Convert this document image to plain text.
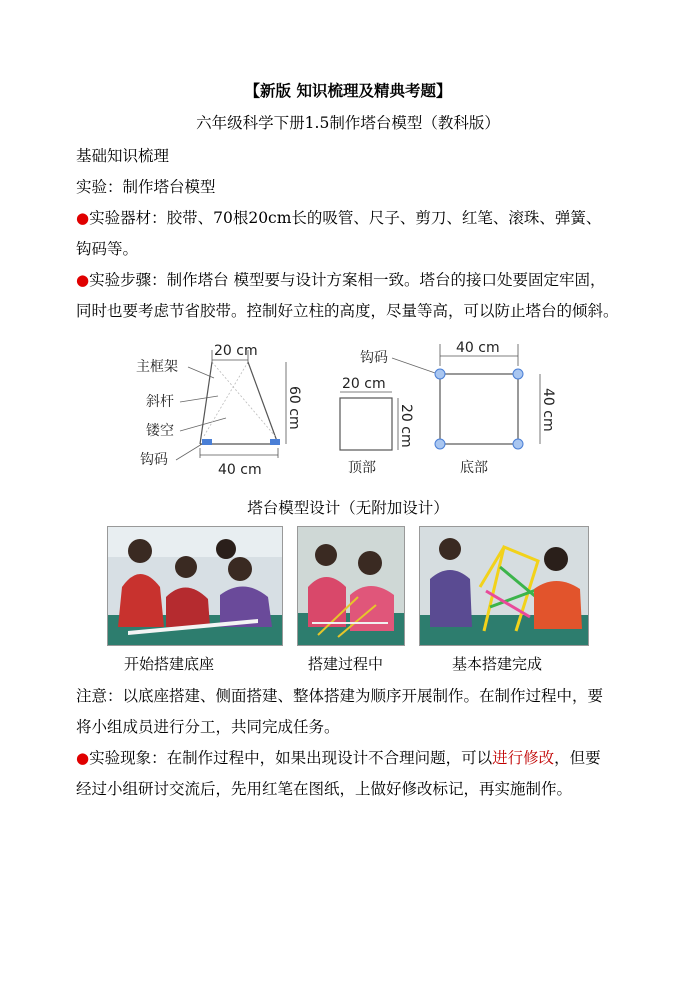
【新版 知识梳理及精典考题】
六年级科学下册1.5制作塔台模型（教科版）
基础知识梳理
实验：制作塔台模型
●实验器材：胶带、70根20cm长的吸管、尺子、剪刀、红笔、滚珠、弹簧、
钩码等。
●实验步骤：制作塔台 模型要与设计方案相一致。塔台的接口处要固定牢固，
同时也要考虑节省胶带。控制好立柱的高度，尽量等高，可以防止塔台的倾斜。
主框架
斜杆
镂空
钩码
20 cm
40 cm
60 cm
钩码
20 cm
20 cm
顶部
40 cm
40 cm
底部
塔台模型设计（无附加设计）
开始搭建底座	搭建过程中	基本搭建完成
注意：以底座搭建、侧面搭建、整体搭建为顺序开展制作。在制作过程中，要
将小组成员进行分工，共同完成任务。
●实验现象：在制作过程中，如果出现设计不合理问题，可以进行修改，但要
经过小组研讨交流后，先用红笔在图纸，上做好修改标记，再实施制作。
